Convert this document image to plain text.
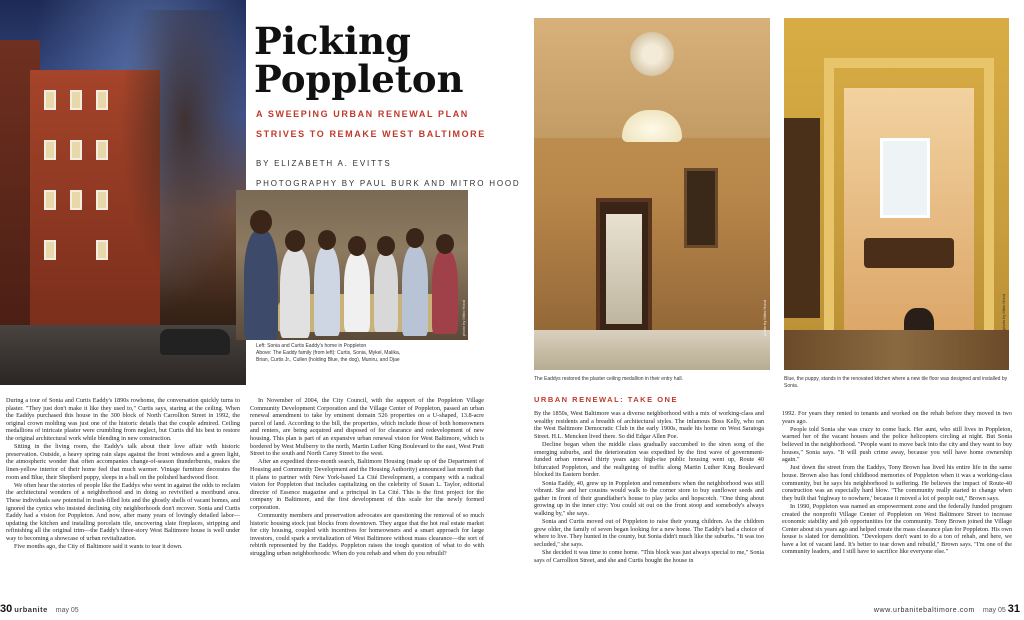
Picking
Poppleton
A SWEEPING URBAN RENEWAL PLAN
STRIVES TO REMAKE WEST BALTIMORE
BY ELIZABETH A. EVITTS
PHOTOGRAPHY BY PAUL BURK AND MITRO HOOD
photo by Mitro Hood
Left: Sonia and Curtis Eaddy's home in Poppleton
Above: The Eaddy family (from left): Curtis, Sonia, Mykel, Malika,
Brian, Curtis Jr., Cullen (holding Blue, the dog), Muniru, and Djae
photo by Mitro Hood	photo by Mitro Hood
The Eaddys restored the plaster ceiling medallion in their entry hall.	Blue, the puppy, stands in the renovated kitchen where a new tile floor was designed and installed by Sonia.
URBAN RENEWAL: TAKE ONE

During a tour of Sonia and Curtis Eaddy's 1890s rowhome, the conversation quickly turns to plaster. "They just don't make it like they used to," Curtis says, staring at the ceiling. When the Eaddys purchased this house in the 300 block of North Carrollton Street in 1992, the original crown molding was just one of the historic details that the couple admired. Ceiling medallions of intricate plaster were crumbling from neglect, but Curtis did his best to restore the original architectural work while blending in new construction.

Sitting in the living room, the Eaddy's talk about their love affair with historic preservation. Outside, a heavy spring rain slaps against the front windows and a green light, the atmospheric wonder that often accompanies change-of-season thunderbursts, makes the linen-yellow interior of their home feel that much warmer. Vintage furniture decorates the room and Blue, their Shepherd puppy, sleeps in a ball on the polished hardwood floor.

We often hear the stories of people like the Eaddys who went in against the odds to reclaim the architectural wonders of a neighborhood and in doing so revivified a moribund area. These individuals saw potential in trash-filled lots and the ghostly shells of vacant homes, and ignored the cynics who insisted declining city neighborhoods don't recover. Sonia and Curtis Eaddy had a vision for Poppleton. And now, after many years of lovingly detailed labor—updating the kitchen and installing porcelain tile, uncovering slate fireplaces, stripping and refinishing all the original trim—the Eaddy's three-story West Baltimore house is well under way to becoming a showcase of urban revitalization.

Five months ago, the City of Baltimore said it wants to tear it down.

In November of 2004, the City Council, with the support of the Poppleton Village Community Development Corporation and the Village Center of Poppleton, passed an urban renewal amendment to take by eminent domain 526 properties on a U-shaped, 13.8-acre parcel of land. According to the bill, the properties, which include those of both homeowners and renters, are being acquired and disposed of for clearance and redevelopment of new housing. This plan is part of an expansive urban renewal vision for West Baltimore, which is bordered by West Mulberry to the north, Martin Luther King Boulevard to the east, West Pratt Street to the south and North Carey Street to the west.

After an expedited three-month search, Baltimore Housing (made up of the Department of Housing and Community Development and the Housing Authority) announced last month that it plans to partner with New York-based La Cité Development, a company with a radical vision for Poppleton that includes capitalizing on the celebrity of Susan L. Taylor, editorial director of Essence magazine and a principal in La Cité. This is the first project for the company in Baltimore, and the first development of this scale for the newly formed corporation.

Community members and preservation advocates are questioning the removal of so much historic housing stock just blocks from downtown. They argue that the hot real estate market for city housing, coupled with incentives for homeowners and a smart approach for large investors, could spark a revitalization of West Baltimore without mass clearance—the sort of rebirth represented by the Eaddys. Poppleton raises the tough question of what to do with struggling urban neighborhoods: When do you rehab and when do you rebuild?

By the 1850s, West Baltimore was a diverse neighborhood with a mix of working-class and wealthy residents and a breadth of architectural styles. The infamous Boss Kelly, who ran the West Baltimore Democratic Club in the early 1900s, made his home on West Saratoga Street. H.L. Mencken lived there. So did Edgar Allen Poe.

Decline began when the middle class gradually succumbed to the siren song of the emerging suburbs, and the deterioration was expedited by the first wave of government-funded urban renewal thirty years ago: high-rise public housing went up, Route 40 bifurcated Poppleton, and the realigning of traffic along Martin Luther King Boulevard blocked its Eastern border.

Sonia Eaddy, 40, grew up in Poppleton and remembers when the neighborhood was still vibrant. She and her cousins would walk to the corner store to buy sunflower seeds and gather in front of their grandfather's house to play jacks and hopscotch. "One thing about growing up in the inner city: You could sit out on the front stoop and somebody's always walking by," she says.

Sonia and Curtis moved out of Poppleton to raise their young children. As the children grew older, the family of seven began looking for a new home. The Eaddy's had a choice of where to live. They hunted in the county, but Sonia didn't much like the suburbs. "It was too secluded," she says.

She decided it was time to come home. "This block was just always special to me," Sonia says of Carrollton Street, and she and Curtis bought the house in

1992. For years they rented to tenants and worked on the rehab before they moved in two years ago.

People told Sonia she was crazy to come back. Her aunt, who still lives in Poppleton, warned her of the vacant houses and the police helicopters circling at night. But Sonia believed in the neighborhood. "People want to move back into the city and they want to buy houses," Sonia says. "It will push crime away, because you will have home ownership again."

Just down the street from the Eaddys, Tony Brown has lived his entire life in the same house. Brown also has fond childhood memories of Poppleton when it was a working-class community, but he says his neighborhood is suffering. He believes the impact of Route-40 construction was an especially hard blow. "The community really started to change when they built that 'highway to nowhere,' because it moved a lot of people out," Brown says.

In 1990, Poppleton was named an empowerment zone and the federally funded program created the nonprofit Village Center of Poppleton on West Baltimore Street to increase economic stability and job opportunities for the community. Tony Brown joined the Village Center about six years ago and helped create the mass clearance plan for Poppleton. His own house is slated for demolition. "Developers don't want to do a ton of rehab, and here, we have a lot of vacant land. It's better to tear down and rebuild," Brown says. "I'm one of the community leaders, and I still have to sacrifice like everyone else."

30 urbanite may 05	www.urbanitebaltimore.com may 05 31
